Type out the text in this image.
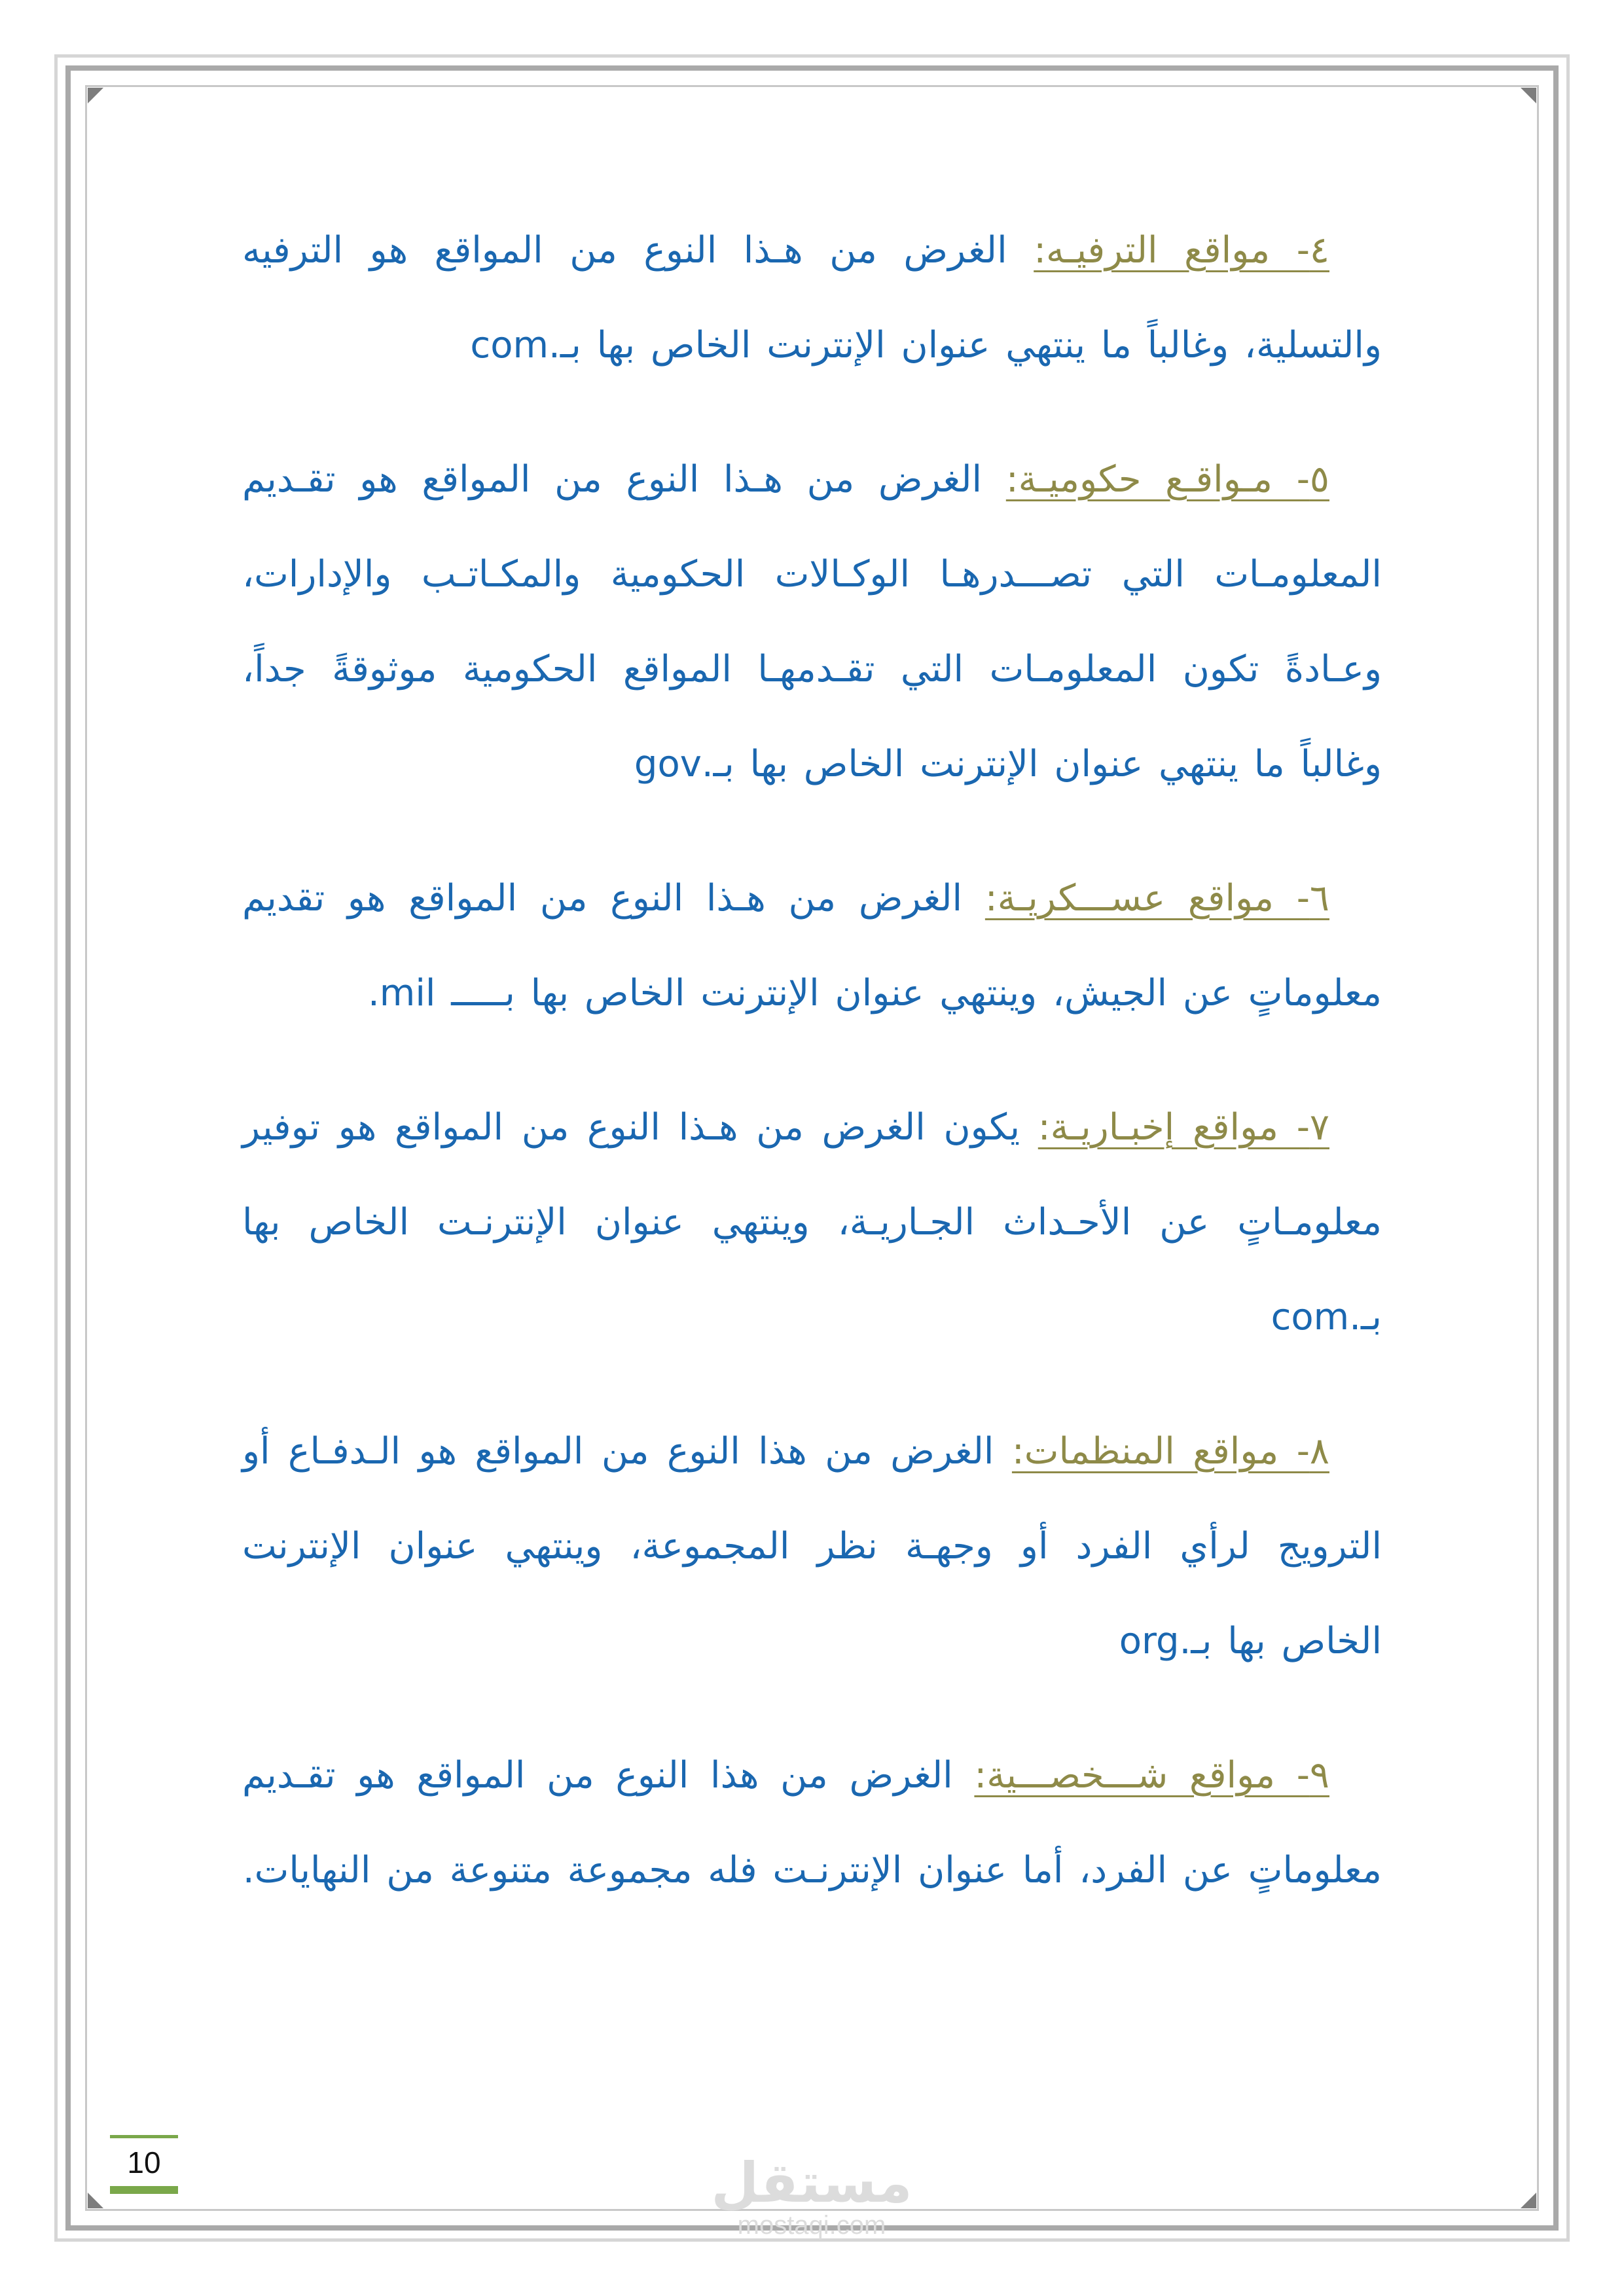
٤- مواقع الترفيـه: الغرض من هـذا النوع من المواقع هو الترفيه والتسلية، وغالباً ما ينتهي عنوان الإنترنت الخاص بها بـ.com

٥- مـواقـع حكوميـة: الغرض من هـذا النوع من المواقع هو تقـديم المعلومـات التي تصـــدرهـا الوكـالات الحكومية والمكـاتـب والإدارات، وعـادةً تكون المعلومـات التي تقـدمهـا المواقع الحكومية موثوقةً جداً، وغالباً ما ينتهي عنوان الإنترنت الخاص بها بـ.gov

٦- مواقع عســـكريـة: الغرض من هـذا النوع من المواقع هو تقديم معلوماتٍ عن الجيش، وينتهي عنوان الإنترنت الخاص بها بـــــ mil.

٧- مواقع إخبـاريـة: يكون الغرض من هـذا النوع من المواقع هو توفير معلومـاتٍ عن الأحـداث الجـاريـة، وينتهي عنوان الإنترنـت الخاص بها بـ.com

٨- مواقع المنظمات: الغرض من هذا النوع من المواقع هو الـدفـاع أو الترويج لرأي الفرد أو وجهـة نظر المجموعة، وينتهي عنوان الإنترنت الخاص بها بـ.org

٩- مواقع شـــخصـــية: الغرض من هذا النوع من المواقع هو تقـديم معلوماتٍ عن الفرد، أما عنوان الإنترنـت فله مجموعة متنوعة من النهايات.

10	مستقل
mostaqi.com
